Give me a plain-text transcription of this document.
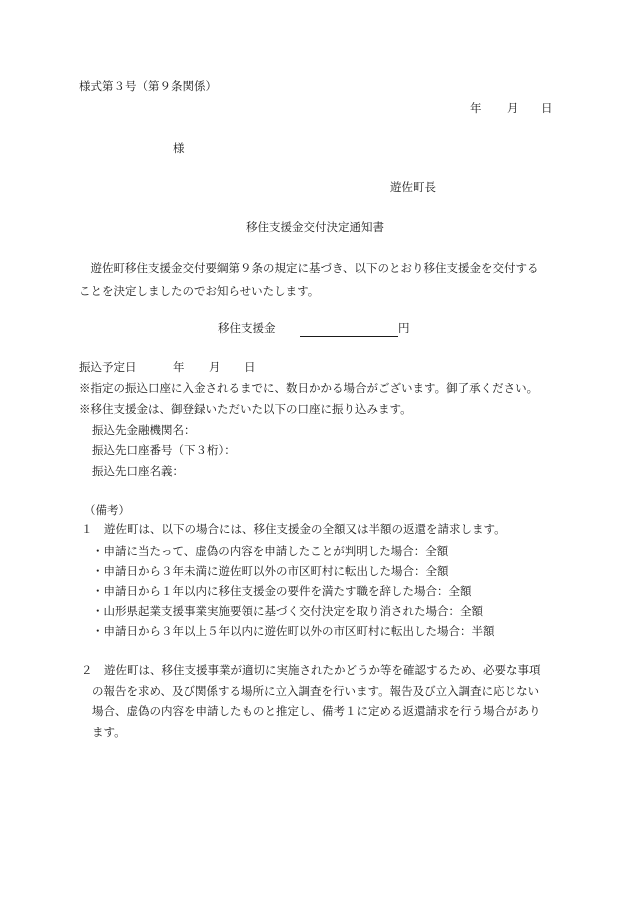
様式第３号（第９条関係）
年 月 日
様
遊佐町長
移住支援金交付決定通知書
　遊佐町移住支援金交付要綱第９条の規定に基づき、以下のとおり移住支援金を交付する
ことを決定しましたのでお知らせいたします。
移住支援金	円
振込予定日	年 月 日
※指定の振込口座に入金されるまでに、数日かかる場合がございます。御了承ください。
※移住支援金は、御登録いただいた以下の口座に振り込みます。
振込先金融機関名：
振込先口座番号（下３桁）：
振込先口座名義：
（備考）
１　遊佐町は、以下の場合には、移住支援金の全額又は半額の返還を請求します。
・申請に当たって、虚偽の内容を申請したことが判明した場合：全額
・申請日から３年未満に遊佐町以外の市区町村に転出した場合：全額
・申請日から１年以内に移住支援金の要件を満たす職を辞した場合：全額
・山形県起業支援事業実施要領に基づく交付決定を取り消された場合：全額
・申請日から３年以上５年以内に遊佐町以外の市区町村に転出した場合：半額
２　遊佐町は、移住支援事業が適切に実施されたかどうか等を確認するため、必要な事項
の報告を求め、及び関係する場所に立入調査を行います。報告及び立入調査に応じない
場合、虚偽の内容を申請したものと推定し、備考１に定める返還請求を行う場合があり
ます。
